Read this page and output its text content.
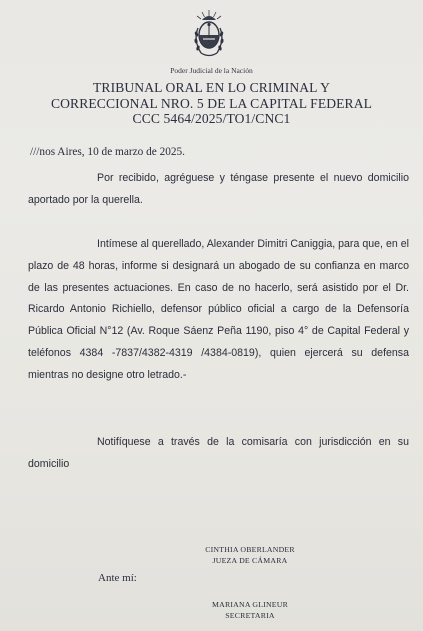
Poder Judicial de la Nación
TRIBUNAL ORAL EN LO CRIMINAL Y
CORRECCIONAL NRO. 5 DE LA CAPITAL FEDERAL
CCC 5464/2025/TO1/CNC1
///nos Aires, 10 de marzo de 2025.
Por recibido, agréguese y téngase presente el nuevo domicilio aportado por la querella.
Intímese al querellado, Alexander Dimitri Caniggia, para que, en el plazo de 48 horas, informe si designará un abogado de su confianza en marco de las presentes actuaciones. En caso de no hacerlo, será asistido por el Dr. Ricardo Antonio Richiello, defensor público oficial a cargo de la Defensoría Pública Oficial N°12 (Av. Roque Sáenz Peña 1190, piso 4° de Capital Federal y teléfonos 4384 -7837/4382-4319 /4384-0819), quien ejercerá su defensa mientras no designe otro letrado.-
Notifíquese a través de la comisaría con jurisdicción en su domicilio
CINTHIA OBERLANDER
JUEZA DE CÁMARA
Ante mí:
MARIANA GLINEUR
SECRETARIA
